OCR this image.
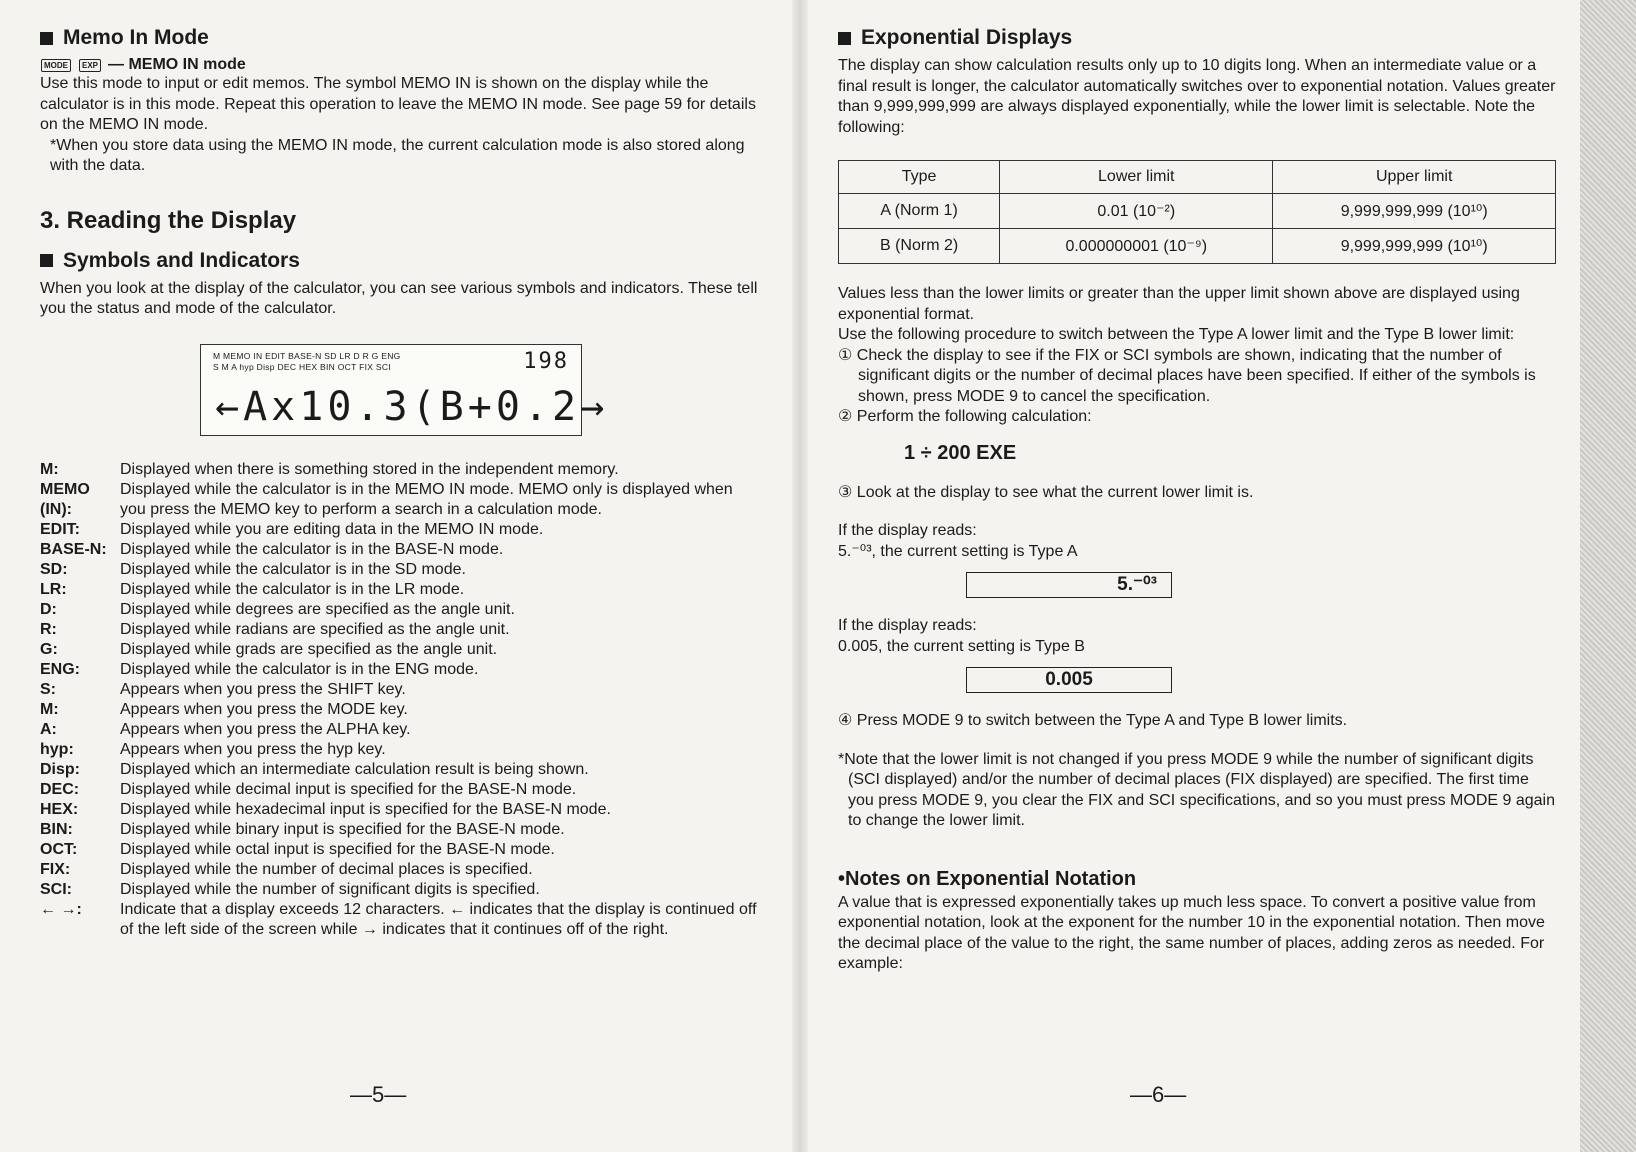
Memo In Mode
MODE	EXP — MEMO IN mode

Use this mode to input or edit memos. The symbol MEMO IN is shown on the display while the calculator is in this mode. Repeat this operation to leave the MEMO IN mode. See page 59 for details on the MEMO IN mode.

*When you store data using the MEMO IN mode, the current calculation mode is also stored along with the data.

3. Reading the Display
Symbols and Indicators

When you look at the display of the calculator, you can see various symbols and indicators. These tell you the status and mode of the calculator.

M MEMO IN EDIT BASE-N SD LR D R G ENG
S M A hyp Disp DEC HEX BIN OCT FIX SCI	198
←Ax10.3(B+0.2→
M:	Displayed when there is something stored in the independent memory.
MEMO (IN):
Displayed while the calculator is in the MEMO IN mode. MEMO only is displayed when you press the MEMO key to perform a search in a calculation mode.
EDIT:	Displayed while you are editing data in the MEMO IN mode.
BASE-N: Displayed while the calculator is in the BASE-N mode.
SD:	Displayed while the calculator is in the SD mode.
LR:	Displayed while the calculator is in the LR mode.
D:	Displayed while degrees are specified as the angle unit.
R:	Displayed while radians are specified as the angle unit.
G:	Displayed while grads are specified as the angle unit.
ENG:	Displayed while the calculator is in the ENG mode.
S:	Appears when you press the SHIFT key.
M:	Appears when you press the MODE key.
A:	Appears when you press the ALPHA key.
hyp:	Appears when you press the hyp key.
Disp:	Displayed which an intermediate calculation result is being shown.
DEC:	Displayed while decimal input is specified for the BASE-N mode.
HEX:	Displayed while hexadecimal input is specified for the BASE-N mode.
BIN:	Displayed while binary input is specified for the BASE-N mode.
OCT:	Displayed while octal input is specified for the BASE-N mode.
FIX:	Displayed while the number of decimal places is specified.
SCI:	Displayed while the number of significant digits is specified.
← →:	Indicate that a display exceeds 12 characters. ← indicates that the display is continued off of the left side of the screen while → indicates that it continues off of the right.
—5—
Exponential Displays

The display can show calculation results only up to 10 digits long. When an intermediate value or a final result is longer, the calculator automatically switches over to exponential notation. Values greater than 9,999,999,999 are always displayed exponentially, while the lower limit is selectable. Note the following:

Type	Lower limit	Upper limit
A (Norm 1)	0.01 (10⁻²)	9,999,999,999 (10¹⁰)
B (Norm 2)	0.000000001 (10⁻⁹)	9,999,999,999 (10¹⁰)

Values less than the lower limits or greater than the upper limit shown above are displayed using exponential format.

Use the following procedure to switch between the Type A lower limit and the Type B lower limit:

① Check the display to see if the FIX or SCI symbols are shown, indicating that the number of significant digits or the number of decimal places have been specified. If either of the symbols is shown, press MODE 9 to cancel the specification.

② Perform the following calculation:

1 ÷ 200 EXE

③ Look at the display to see what the current lower limit is.

If the display reads:

5.⁻⁰³, the current setting is Type A

5.⁻⁰³

If the display reads:

0.005, the current setting is Type B

0.005

④ Press MODE 9 to switch between the Type A and Type B lower limits.

*Note that the lower limit is not changed if you press MODE 9 while the number of significant digits (SCI displayed) and/or the number of decimal places (FIX displayed) are specified. The first time you press MODE 9, you clear the FIX and SCI specifications, and so you must press MODE 9 again to change the lower limit.

•Notes on Exponential Notation

A value that is expressed exponentially takes up much less space. To convert a positive value from exponential notation, look at the exponent for the number 10 in the exponential notation. Then move the decimal place of the value to the right, the same number of places, adding zeros as needed. For example:

—6—
